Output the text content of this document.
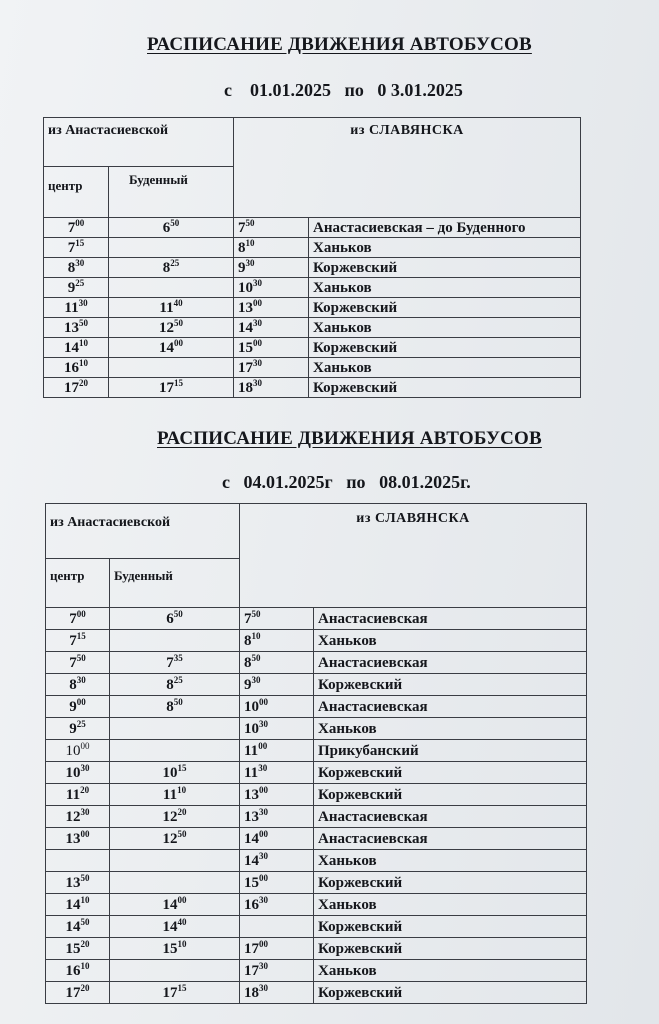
РАСПИСАНИЕ ДВИЖЕНИЯ АВТОБУСОВ
с 01.01.2025 по 0 3.01.2025
из Анастасиевской		из СЛАВЯНСКА	
центр	Буденный		
$7^{00}$	$6^{50}$	$7^{50}$	Анастасиевская – до Буденного
$7^{15}$		$8^{10}$	Ханьков
$8^{30}$	$8^{25}$	$9^{30}$	Коржевский
$9^{25}$		$10^{30}$	Ханьков
$11^{30}$	$11^{40}$	$13^{00}$	Коржевский
$13^{50}$	$12^{50}$	$14^{30}$	Ханьков
$14^{10}$	$14^{00}$	$15^{00}$	Коржевский
$16^{10}$		$17^{30}$	Ханьков
$17^{20}$	$17^{15}$	$18^{30}$	Коржевский
РАСПИСАНИЕ ДВИЖЕНИЯ АВТОБУСОВ
с 04.01.2025г по 08.01.2025г.
из Анастасиевской		из СЛАВЯНСКА	
центр	Буденный		
$7^{00}$	$6^{50}$	$7^{50}$	Анастасиевская
$7^{15}$		$8^{10}$	Ханьков
$7^{50}$	$7^{35}$	$8^{50}$	Анастасиевская
$8^{30}$	$8^{25}$	$9^{30}$	Коржевский
$9^{00}$	$8^{50}$	$10^{00}$	Анастасиевская
$9^{25}$		$10^{30}$	Ханьков
$10^{00}$		$11^{00}$	Прикубанский
$10^{30}$	$10^{15}$	$11^{30}$	Коржевский
$11^{20}$	$11^{10}$	$13^{00}$	Коржевский
$12^{30}$	$12^{20}$	$13^{30}$	Анастасиевская
$13^{00}$	$12^{50}$	$14^{00}$	Анастасиевская
		$14^{30}$	Ханьков
$13^{50}$		$15^{00}$	Коржевский
$14^{10}$	$14^{00}$	$16^{30}$	Ханьков
$14^{50}$	$14^{40}$		Коржевский
$15^{20}$	$15^{10}$	$17^{00}$	Коржевский
$16^{10}$		$17^{30}$	Ханьков
$17^{20}$	$17^{15}$	$18^{30}$	Коржевский
